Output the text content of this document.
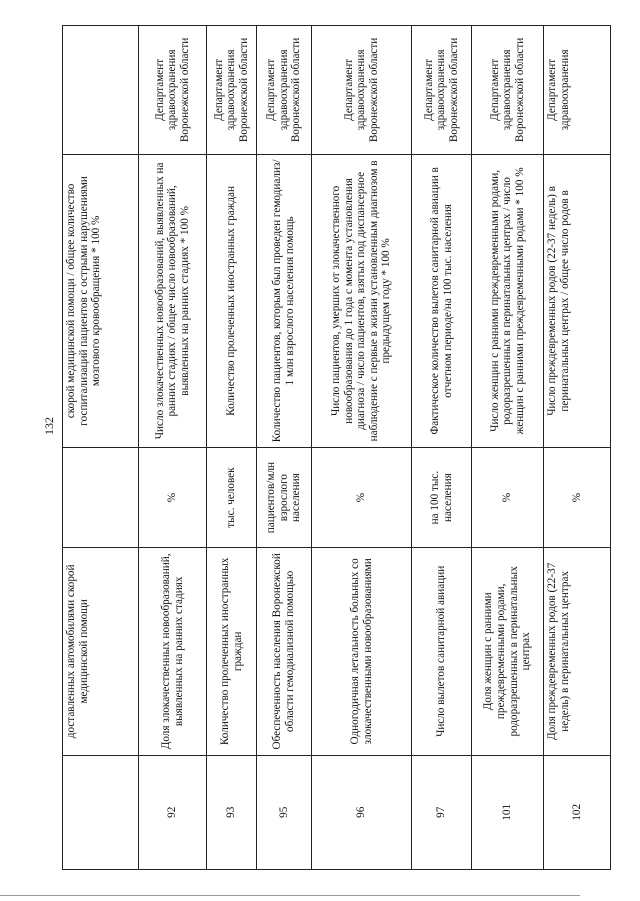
132
	доставленных автомобилями скорой медицинской помощи		скорой медицинской помощи / общее количество госпитализаций пациентов с острыми нарушениями мозгового кровообращения * 100 %	
92	Доля злокачественных новообразований, выявленных на ранних стадиях	%	Число злокачественных новообразований, выявленных на ранних стадиях / общее число новообразований, выявленных на ранних стадиях * 100 %	Департамент здравоохранения Воронежской области
93	Количество пролеченных иностранных граждан	тыс. человек	Количество пролеченных иностранных граждан	Департамент здравоохранения Воронежской области
95	Обеспеченность населения Воронежской области гемодиализной помощью	пациентов/млн взрослого населения	Количество пациентов, которым был проведен гемодиализ/ 1 млн взрослого населения помощь	Департамент здравоохранения Воронежской области
96	Одногодичная летальность больных со злокачественными новообразованиями	%	Число пациентов, умерших от злокачественного новообразования до 1 года с момента установления диагноза / число пациентов, взятых под диспансерное наблюдение с первые в жизни установленным диагнозом в предыдущем году * 100 %	Департамент здравоохранения Воронежской области
97	Число вылетов санитарной авиации	на 100 тыс. населения	Фактическое количество вылетов санитарной авиации в отчетном периоде/на 100 тыс. населения	Департамент здравоохранения Воронежской области
101	Доля женщин с ранними преждевременными родами, родоразрешенных в перинатальных центрах	%	Число женщин с ранними преждевременными родами, родоразрешенных в перинатальных центрах / число женщин с ранними преждевременными родами * 100 %	Департамент здравоохранения Воронежской области
102	Доля преждевременных родов (22-37 недель) в перинатальных центрах	%	Число преждевременных родов (22-37 недель) в перинатальных центрах / общее число родов в	Департамент здравоохранения
